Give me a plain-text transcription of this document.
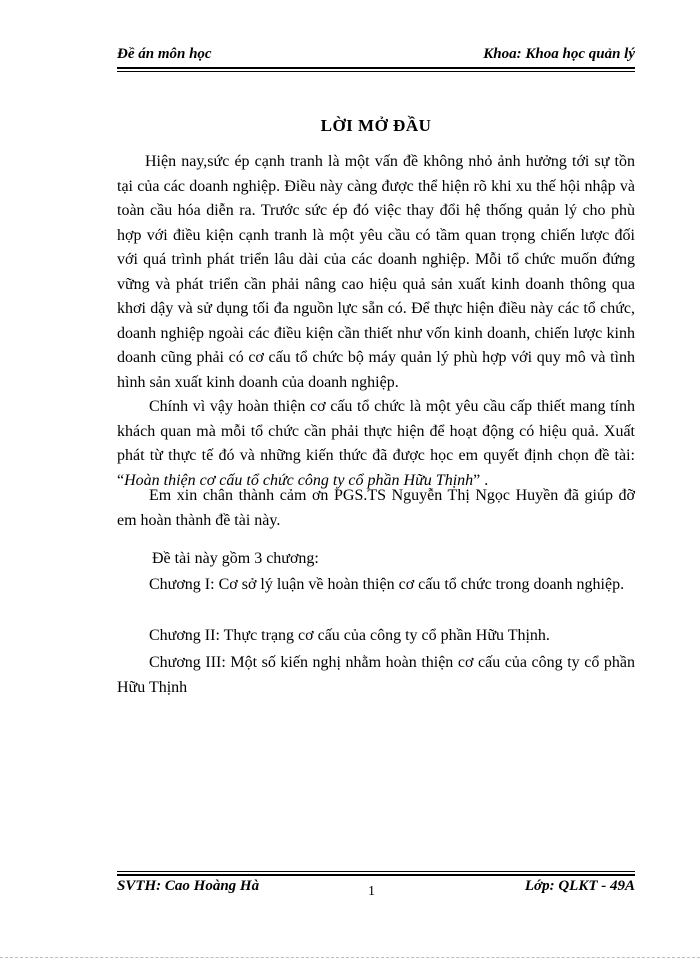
Đề án môn học	Khoa: Khoa học quản lý
LỜI MỞ ĐẦU
Hiện nay,sức ép cạnh tranh là một vấn đề không nhỏ ảnh hưởng tới sự tồn tại của các doanh nghiệp. Điều này càng được thể hiện rõ khi xu thế hội nhập và toàn cầu hóa diễn ra. Trước sức ép đó việc thay đổi hệ thống quản lý cho phù hợp với điều kiện cạnh tranh là một yêu cầu có tầm quan trọng chiến lược đối với quá trình phát triển lâu dài của các doanh nghiệp. Mỗi tổ chức muốn đứng vững và phát triển cần phải nâng cao hiệu quả sản xuất kinh doanh thông qua khơi dậy và sử dụng tối đa nguồn lực sẵn có. Để thực hiện điều này các tổ chức, doanh nghiệp ngoài các điều kiện cần thiết như vốn kinh doanh, chiến lược kinh doanh cũng phải có cơ cấu tổ chức bộ máy quản lý phù hợp với quy mô và tình hình sản xuất kinh doanh của doanh nghiệp.
Chính vì vậy hoàn thiện cơ cấu tổ chức là một yêu cầu cấp thiết mang tính khách quan mà mỗi tổ chức cần phải thực hiện để hoạt động có hiệu quả. Xuất phát từ thực tế đó và những kiến thức đã được học em quyết định chọn đề tài: “Hoàn thiện cơ cấu tổ chức công ty cổ phần Hữu Thịnh” .
Em xin chân thành cảm ơn PGS.TS Nguyễn Thị Ngọc Huyền đã giúp đỡ em hoàn thành đề tài này.
Đề tài này gồm 3 chương:
Chương I: Cơ sở lý luận về hoàn thiện cơ cấu tổ chức trong doanh nghiệp.
Chương II: Thực trạng cơ cấu của công ty cổ phần Hữu Thịnh.
Chương III: Một số kiến nghị nhằm hoàn thiện cơ cấu của công ty cổ phần Hữu Thịnh
SVTH: Cao Hoàng Hà	1	Lớp: QLKT - 49A
